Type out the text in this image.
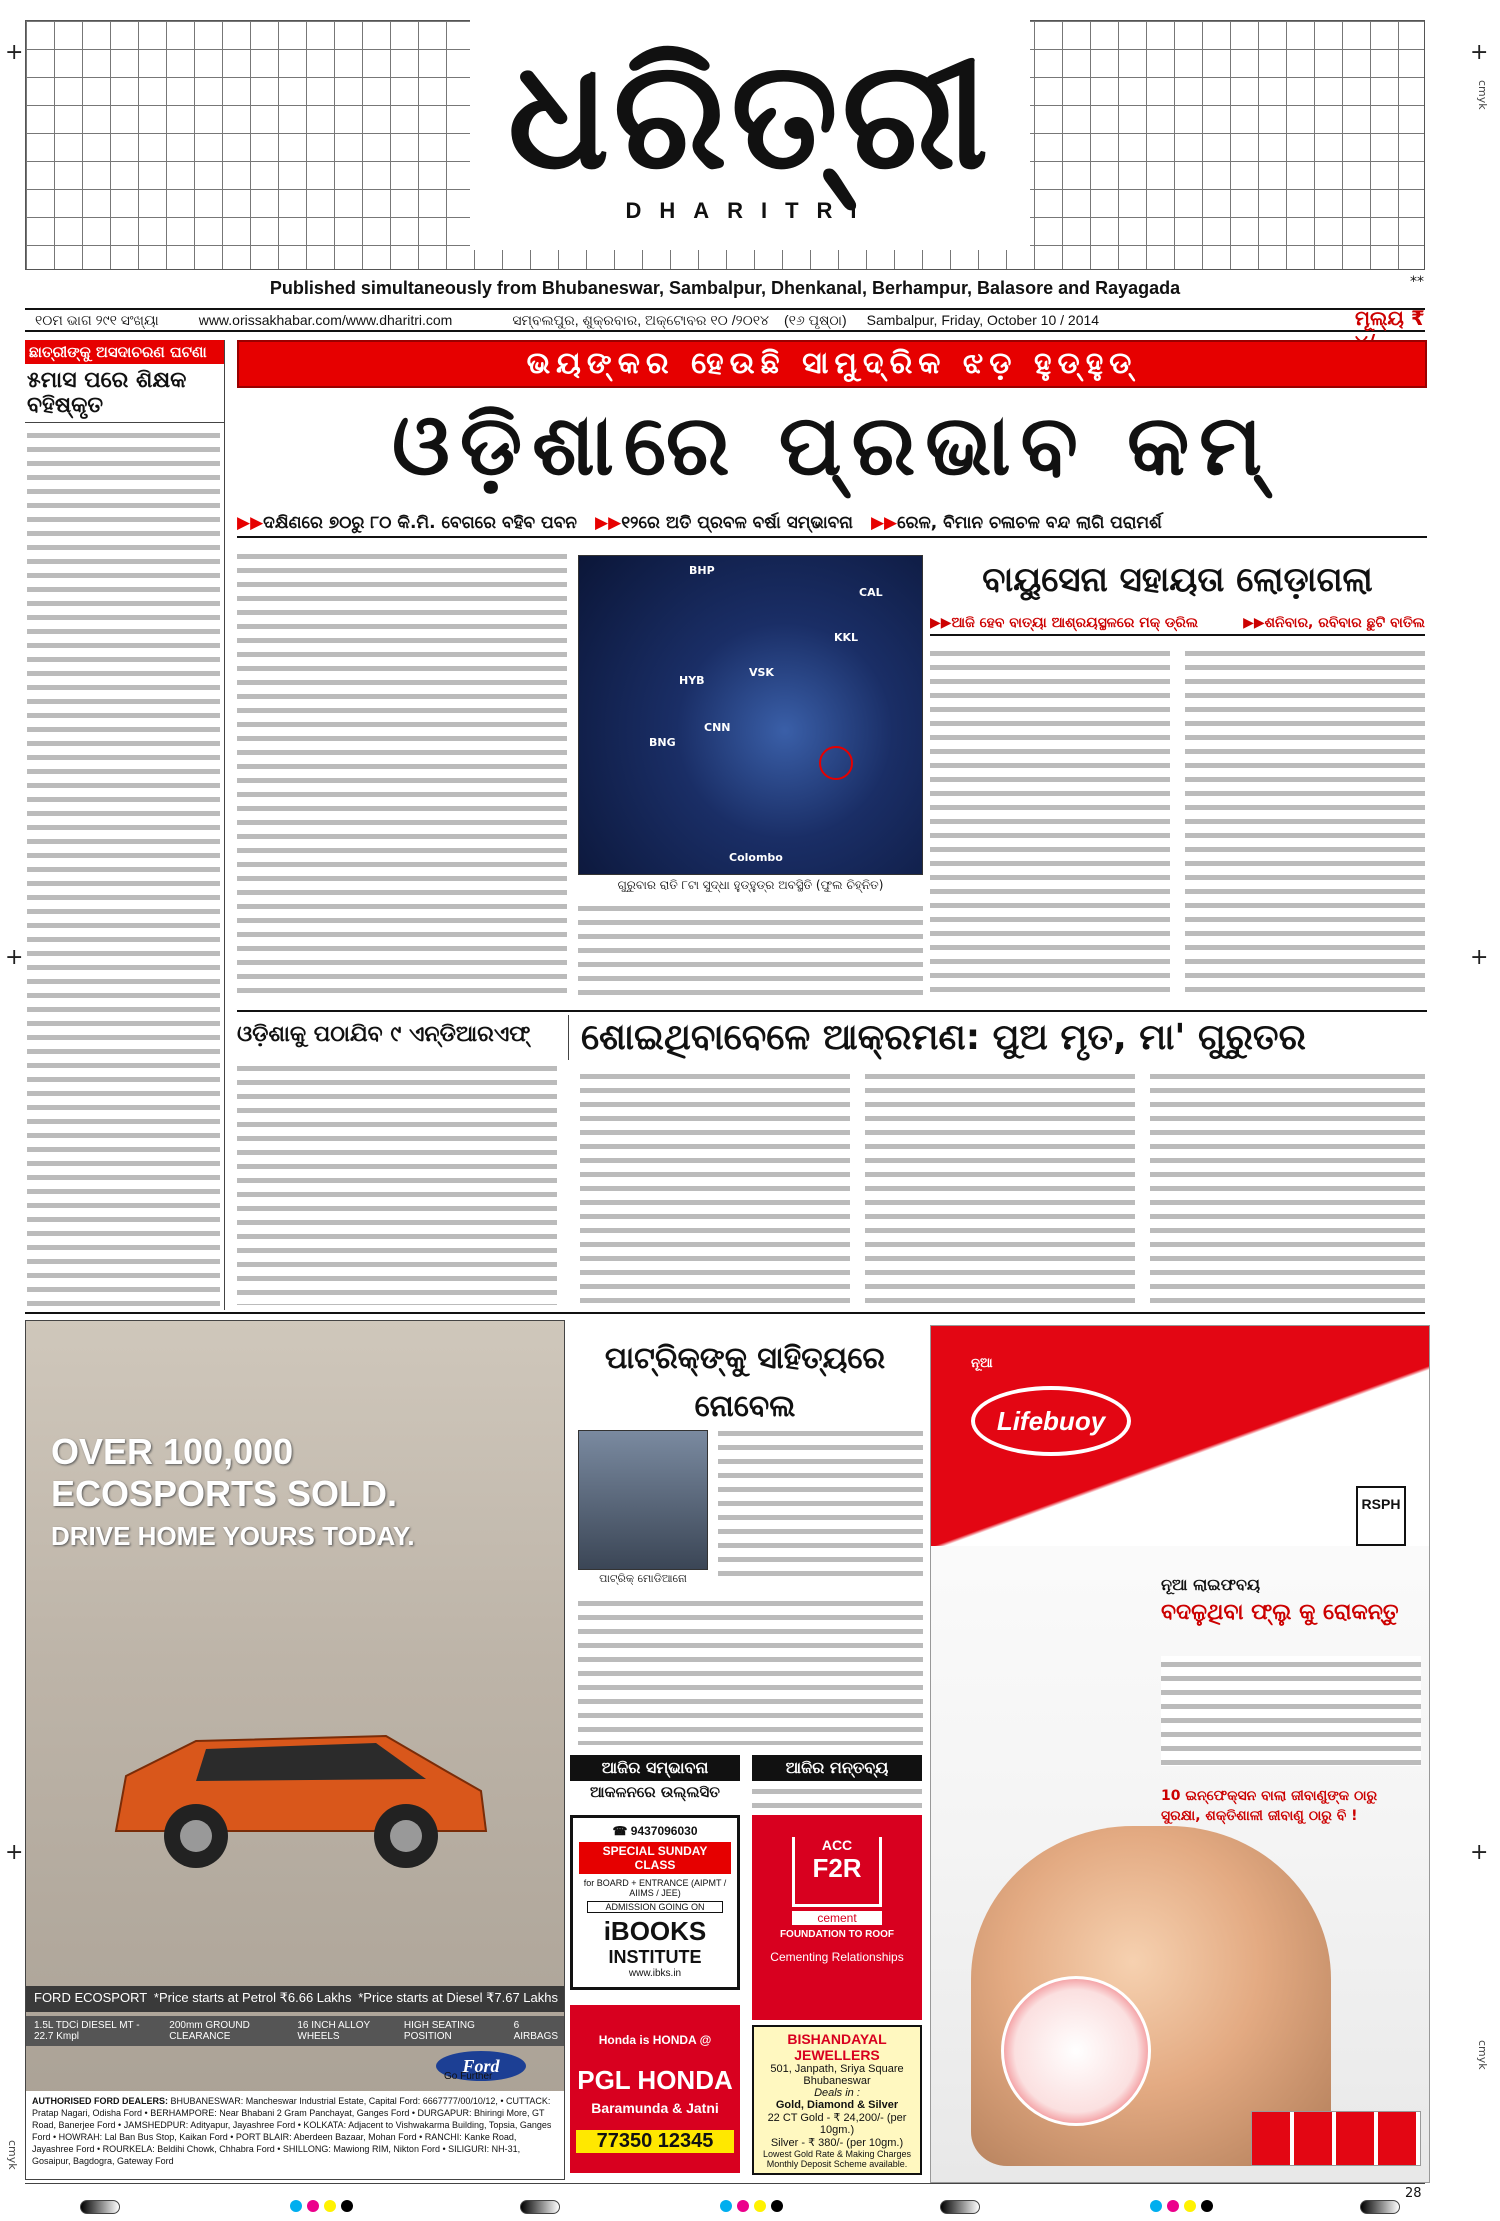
ଧରିତ୍ରୀ
DHARITRI
+	+
+	+
+	+
cmyk
cmyk
cmyk
Published simultaneously from Bhubaneswar, Sambalpur, Dhenkanal, Berhampur, Balasore and Rayagada	**
୧୦ମ ଭାଗ ୨୯୧ ସଂଖ୍ୟା	www.orissakhabar.com/www.dharitri.com	ସମ୍ବଲପୁର, ଶୁକ୍ରବାର, ଅକ୍ଟୋବର ୧୦ /୨୦୧୪ (୧୬ ପୃଷ୍ଠା) Sambalpur, Friday, October 10 / 2014	ମୂଲ୍ୟ ₹
ଛାତ୍ରୀଙ୍କୁ ଅସଦାଚରଣ ଘଟଣା
୫ମାସ ପରେ ଶିକ୍ଷକ ବହିଷ୍କୃତ
ଭୟଙ୍କର ହେଉଛି ସାମୁଦ୍ରିକ ଝଡ଼ ହୁଡ୍‌ହୁଡ୍‌
ଓଡ଼ିଶାରେ ପ୍ରଭାବ କମ୍‌
▶▶ଦକ୍ଷିଣରେ ୭୦ରୁ ୮୦ କି.ମି. ବେଗରେ ବହିବ ପବନ ▶▶୧୨ରେ ଅତି ପ୍ରବଳ ବର୍ଷା ସମ୍ଭାବନା ▶▶ରେଳ, ବିମାନ ଚଳାଚଳ ବନ୍ଦ ଲାଗି ପରାମର୍ଶ
BHP
CAL
KKL
HYB
VSK
BNG
CNN
Colombo
ଗୁରୁବାର ରାତି ୮ଟା ସୁଦ୍ଧା ହୁଡ୍‌ହୁଡ୍‌ର ଅବସ୍ଥିତି (ଫୁଲ ଚିହ୍ନିତ)
ବାୟୁସେନା ସହାୟତା ଲୋଡ଼ାଗଲା
▶▶ଆଜି ହେବ ବାତ୍ୟା ଆଶ୍ରୟସ୍ଥଳରେ ମକ୍ ଡ୍ରିଲ	▶▶ଶନିବାର, ରବିବାର ଛୁଟି ବାତିଲ
ଓଡ଼ିଶାକୁ ପଠାଯିବ ୯ ଏନ୍‌ଡିଆରଏଫ୍	ଶୋଇଥିବାବେଳେ ଆକ୍ରମଣ: ପୁଅ ମୃତ, ମା' ଗୁରୁତର
OVER 100,000
ECOSPORTS SOLD.
DRIVE HOME YOURS TODAY.
FORD ECOSPORT *Price starts at Petrol ₹6.66 Lakhs *Price starts at Diesel ₹7.67 Lakhs
1.5L TDCi DIESEL MT - 22.7 Kmpl
200mm GROUND CLEARANCE
16 INCH ALLOY WHEELS
HIGH SEATING POSITION
6 AIRBAGS
Ford
Go Further
AUTHORISED FORD DEALERS: BHUBANESWAR: Mancheswar Industrial Estate, Capital Ford: 6667777/00/10/12, • CUTTACK: Pratap Nagari, Odisha Ford • BERHAMPORE: Near Bhabani 2 Gram Panchayat, Ganges Ford • DURGAPUR: Bhiringi More, GT Road, Banerjee Ford • JAMSHEDPUR: Adityapur, Jayashree Ford • KOLKATA: Adjacent to Vishwakarma Building, Topsia, Ganges Ford • HOWRAH: Lal Ban Bus Stop, Kaikan Ford • PORT BLAIR: Aberdeen Bazaar, Mohan Ford • RANCHI: Kanke Road, Jayashree Ford • ROURKELA: Beldihi Chowk, Chhabra Ford • SHILLONG: Mawiong RIM, Nikton Ford • SILIGURI: NH-31, Gosaipur, Bagdogra, Gateway Ford
ପାଟ୍ରିକ୍‌ଙ୍କୁ ସାହିତ୍ୟରେ ନୋବେଲ
ପାଟ୍ରିକ୍ ମୋଡିଆନୋ
ଆଜିର ସମ୍ଭାବନା
ଆକଳନରେ ଉଲ୍ଲସିତ
ଆଜିର ମନ୍ତବ୍ୟ
☎ 9437096030
SPECIAL SUNDAY CLASS
for BOARD + ENTRANCE (AIPMT / AIIMS / JEE)
ADMISSION GOING ON
iBOOKS
INSTITUTE
www.ibks.in
ACC
F2R
cement
FOUNDATION TO ROOF
Cementing Relationships
Honda is HONDA @
PGL HONDA
Baramunda & Jatni
77350 12345
BISHANDAYAL JEWELLERS
501, Janpath, Sriya Square Bhubaneswar
Deals in :
Gold, Diamond & Silver
22 CT Gold - ₹ 24,200/- (per 10gm.)
Silver - ₹ 380/- (per 10gm.)
Lowest Gold Rate & Making Charges
Monthly Deposit Scheme available.
ନୂଆ
Lifebuoy
RSPH
ନୂଆ ଲାଇଫବୟ
ବଦଳୁଥିବା ଫ୍ଲୁ କୁ ରୋକନ୍ତୁ
10 ଇନ୍‌ଫେକ୍‌ସନ ବାଲା ଜୀବାଣୁଙ୍କ ଠାରୁ ସୁରକ୍ଷା, ଶକ୍ତିଶାଳୀ ଜୀବାଣୁ ଠାରୁ ବି !
28
